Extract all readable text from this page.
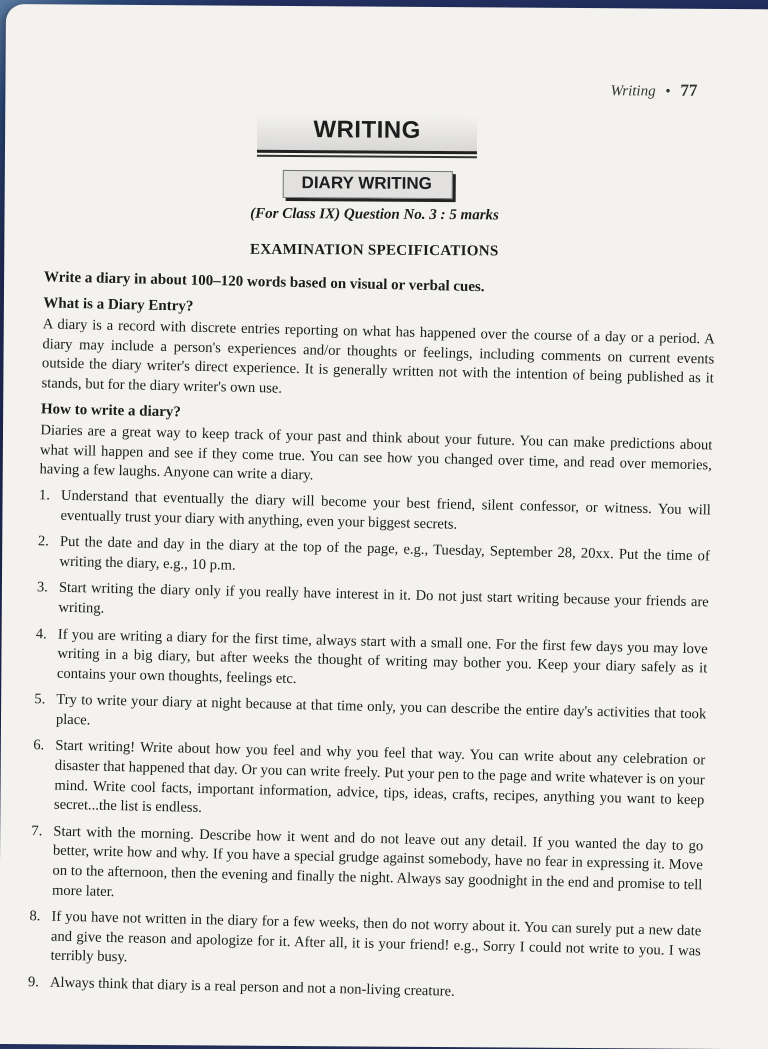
Writing • 77
WRITING
DIARY WRITING
(For Class IX) Question No. 3 : 5 marks
EXAMINATION SPECIFICATIONS

Write a diary in about 100–120 words based on visual or verbal cues.

What is a Diary Entry?

A diary is a record with discrete entries reporting on what has happened over the course of a day or a period. A diary may include a person's experiences and/or thoughts or feelings, including comments on current events outside the diary writer's direct experience. It is generally written not with the intention of being published as it stands, but for the diary writer's own use.

How to write a diary?

Diaries are a great way to keep track of your past and think about your future. You can make predictions about what will happen and see if they come true. You can see how you changed over time, and read over memories, having a few laughs. Anyone can write a diary.

1. Understand that eventually the diary will become your best friend, silent confessor, or witness. You will eventually trust your diary with anything, even your biggest secrets.
2. Put the date and day in the diary at the top of the page, e.g., Tuesday, September 28, 20xx. Put the time of writing the diary, e.g., 10 p.m.
3. Start writing the diary only if you really have interest in it. Do not just start writing because your friends are writing.
4. If you are writing a diary for the first time, always start with a small one. For the first few days you may love writing in a big diary, but after weeks the thought of writing may bother you. Keep your diary safely as it contains your own thoughts, feelings etc.
5. Try to write your diary at night because at that time only, you can describe the entire day's activities that took place.
6. Start writing! Write about how you feel and why you feel that way. You can write about any celebration or disaster that happened that day. Or you can write freely. Put your pen to the page and write whatever is on your mind. Write cool facts, important information, advice, tips, ideas, crafts, recipes, anything you want to keep secret...the list is endless.
7. Start with the morning. Describe how it went and do not leave out any detail. If you wanted the day to go better, write how and why. If you have a special grudge against somebody, have no fear in expressing it. Move on to the afternoon, then the evening and finally the night. Always say goodnight in the end and promise to tell more later.
8. If you have not written in the diary for a few weeks, then do not worry about it. You can surely put a new date and give the reason and apologize for it. After all, it is your friend! e.g., Sorry I could not write to you. I was terribly busy.
9. Always think that diary is a real person and not a non-living creature.
